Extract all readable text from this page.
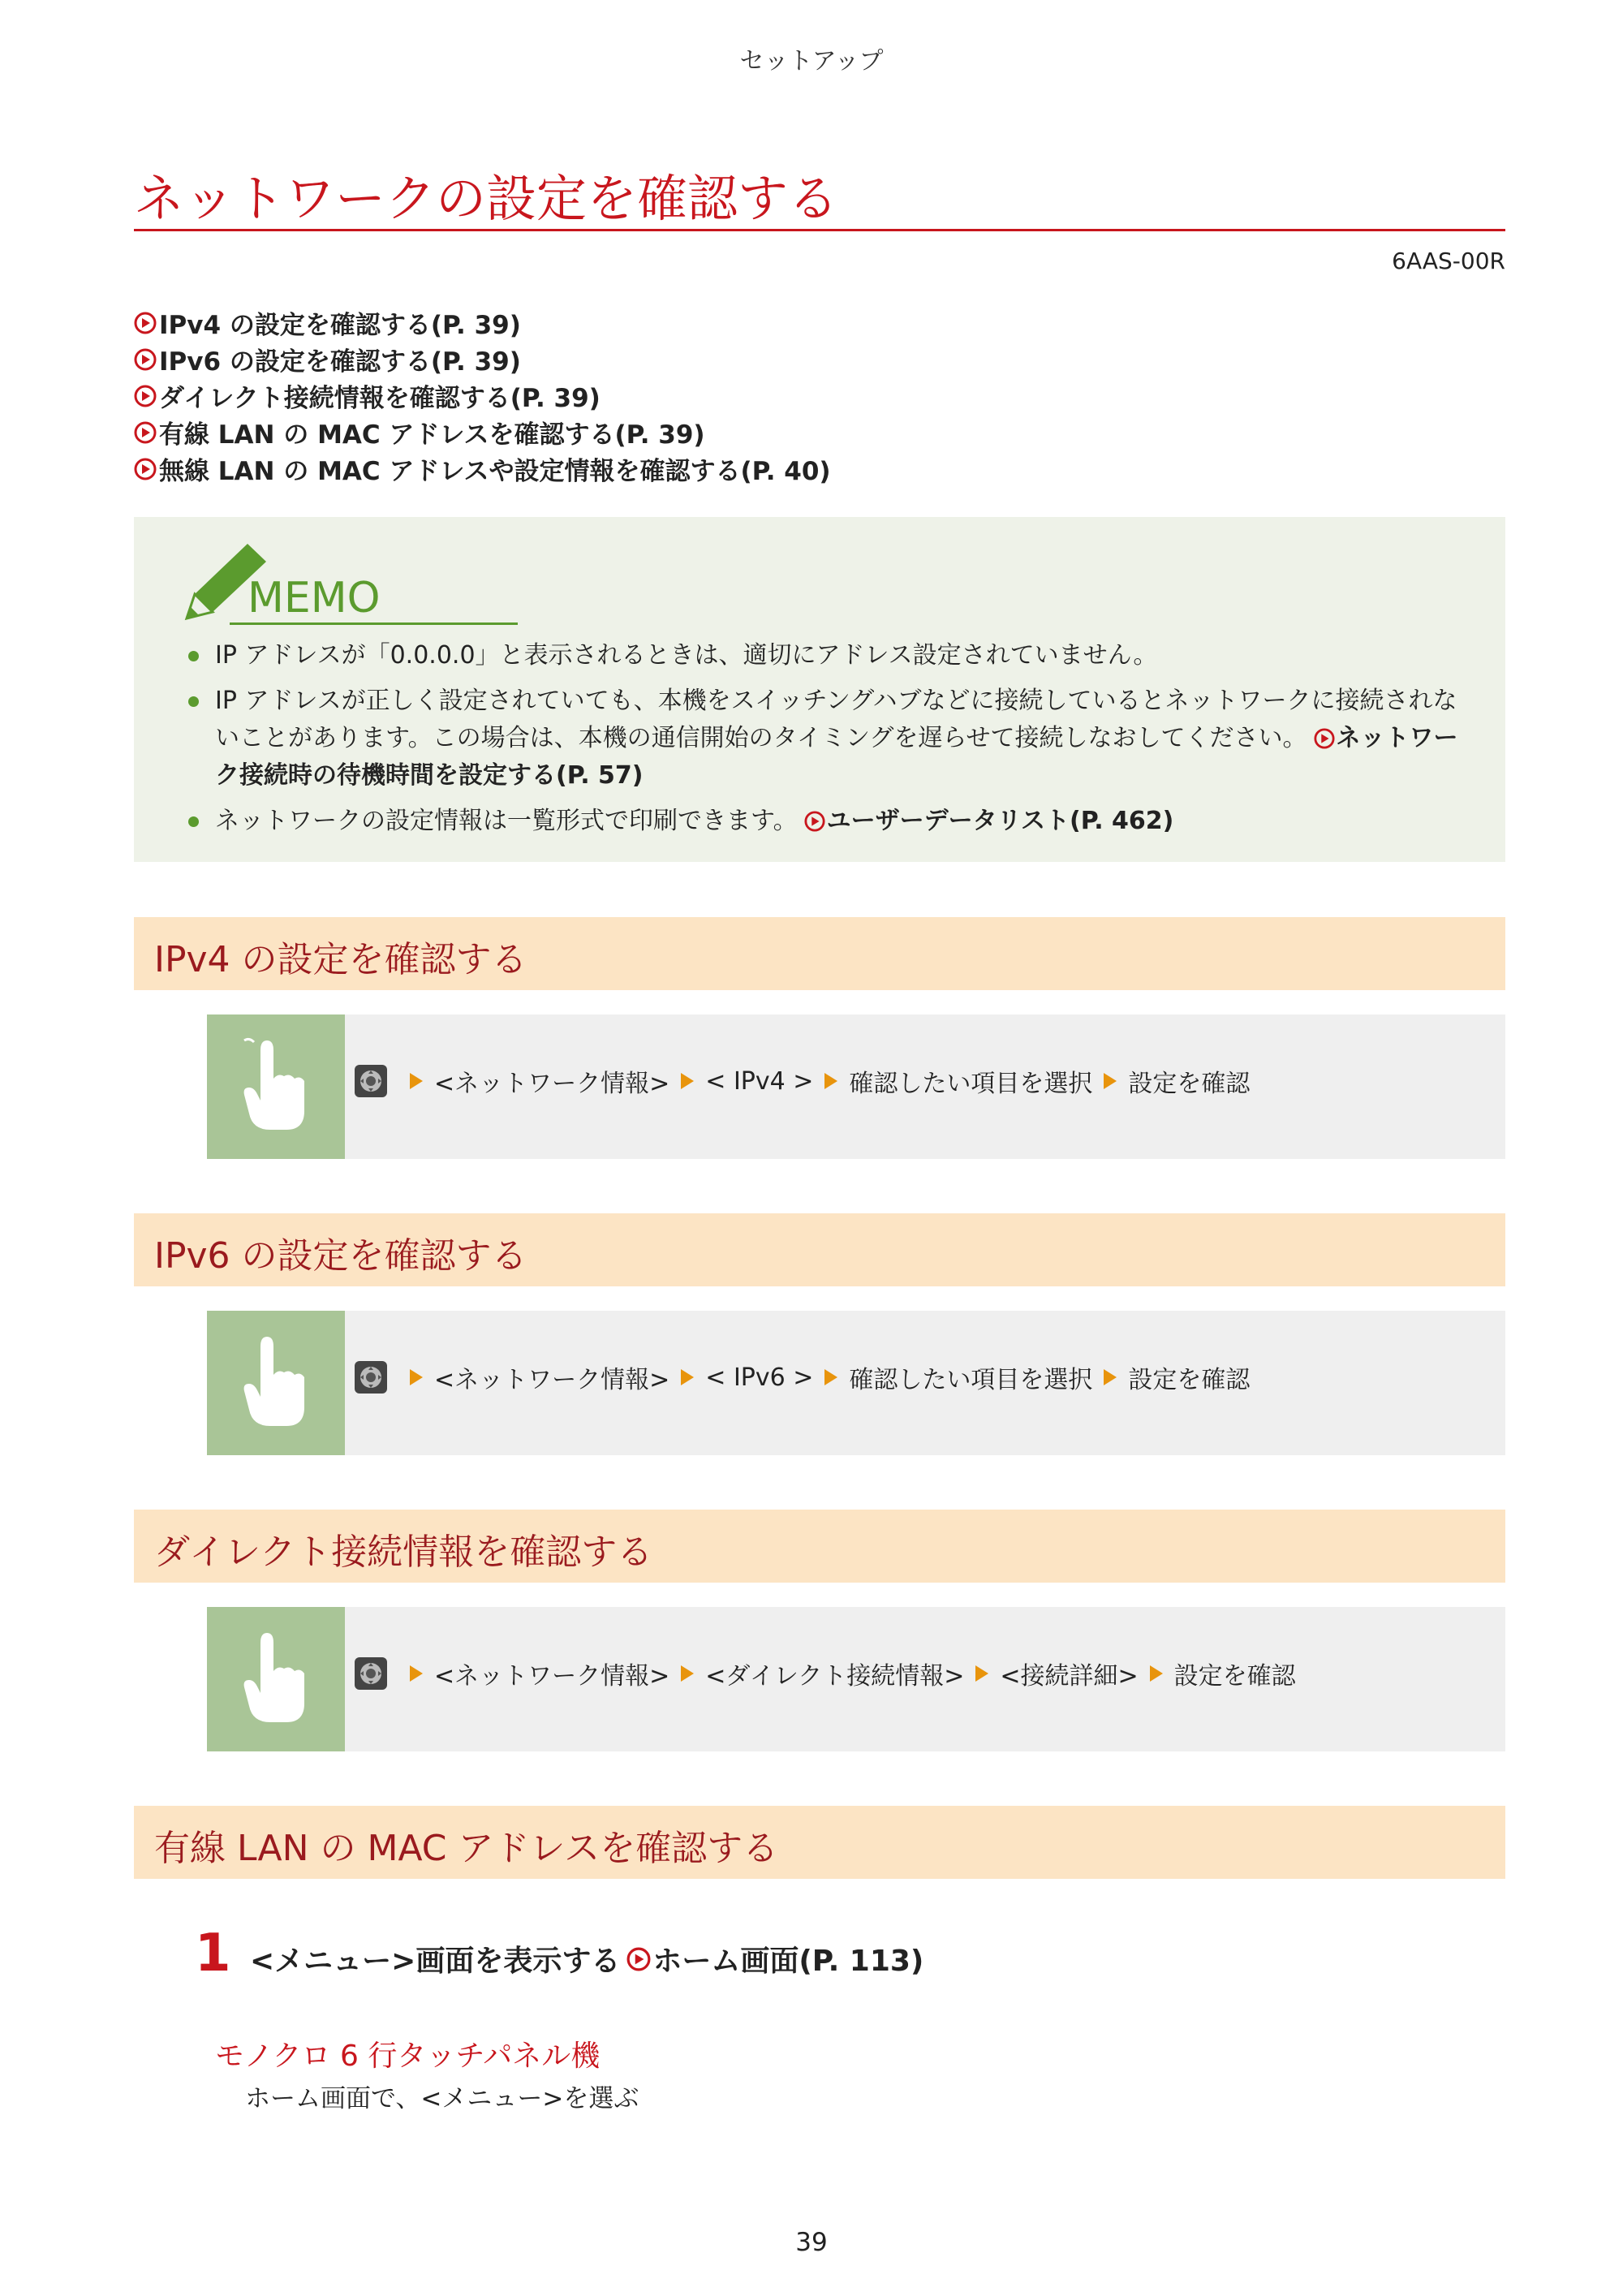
セットアップ
ネットワークの設定を確認する
6AAS-00R
IPv4 の設定を確認する(P. 39)
IPv6 の設定を確認する(P. 39)
ダイレクト接続情報を確認する(P. 39)
有線 LAN の MAC アドレスを確認する(P. 39)
無線 LAN の MAC アドレスや設定情報を確認する(P. 40)
MEMO
IP アドレスが「0.0.0.0」と表示されるときは、適切にアドレス設定されていません。
IP アドレスが正しく設定されていても、本機をスイッチングハブなどに接続しているとネットワークに接続されな
いことがあります。この場合は、本機の通信開始のタイミングを遅らせて接続しなおしてください。 ネットワー
ク接続時の待機時間を設定する(P. 57)
ネットワークの設定情報は一覧形式で印刷できます。 ユーザーデータリスト(P. 462)
IPv4 の設定を確認する
<ネットワーク情報> < IPv4 > 確認したい項目を選択 設定を確認
IPv6 の設定を確認する
<ネットワーク情報> < IPv6 > 確認したい項目を選択 設定を確認
ダイレクト接続情報を確認する
<ネットワーク情報> <ダイレクト接続情報> <接続詳細> 設定を確認
有線 LAN の MAC アドレスを確認する
1 <メニュー>画面を表示する ホーム画面(P. 113)
モノクロ 6 行タッチパネル機
ホーム画面で、<メニュー>を選ぶ
39
